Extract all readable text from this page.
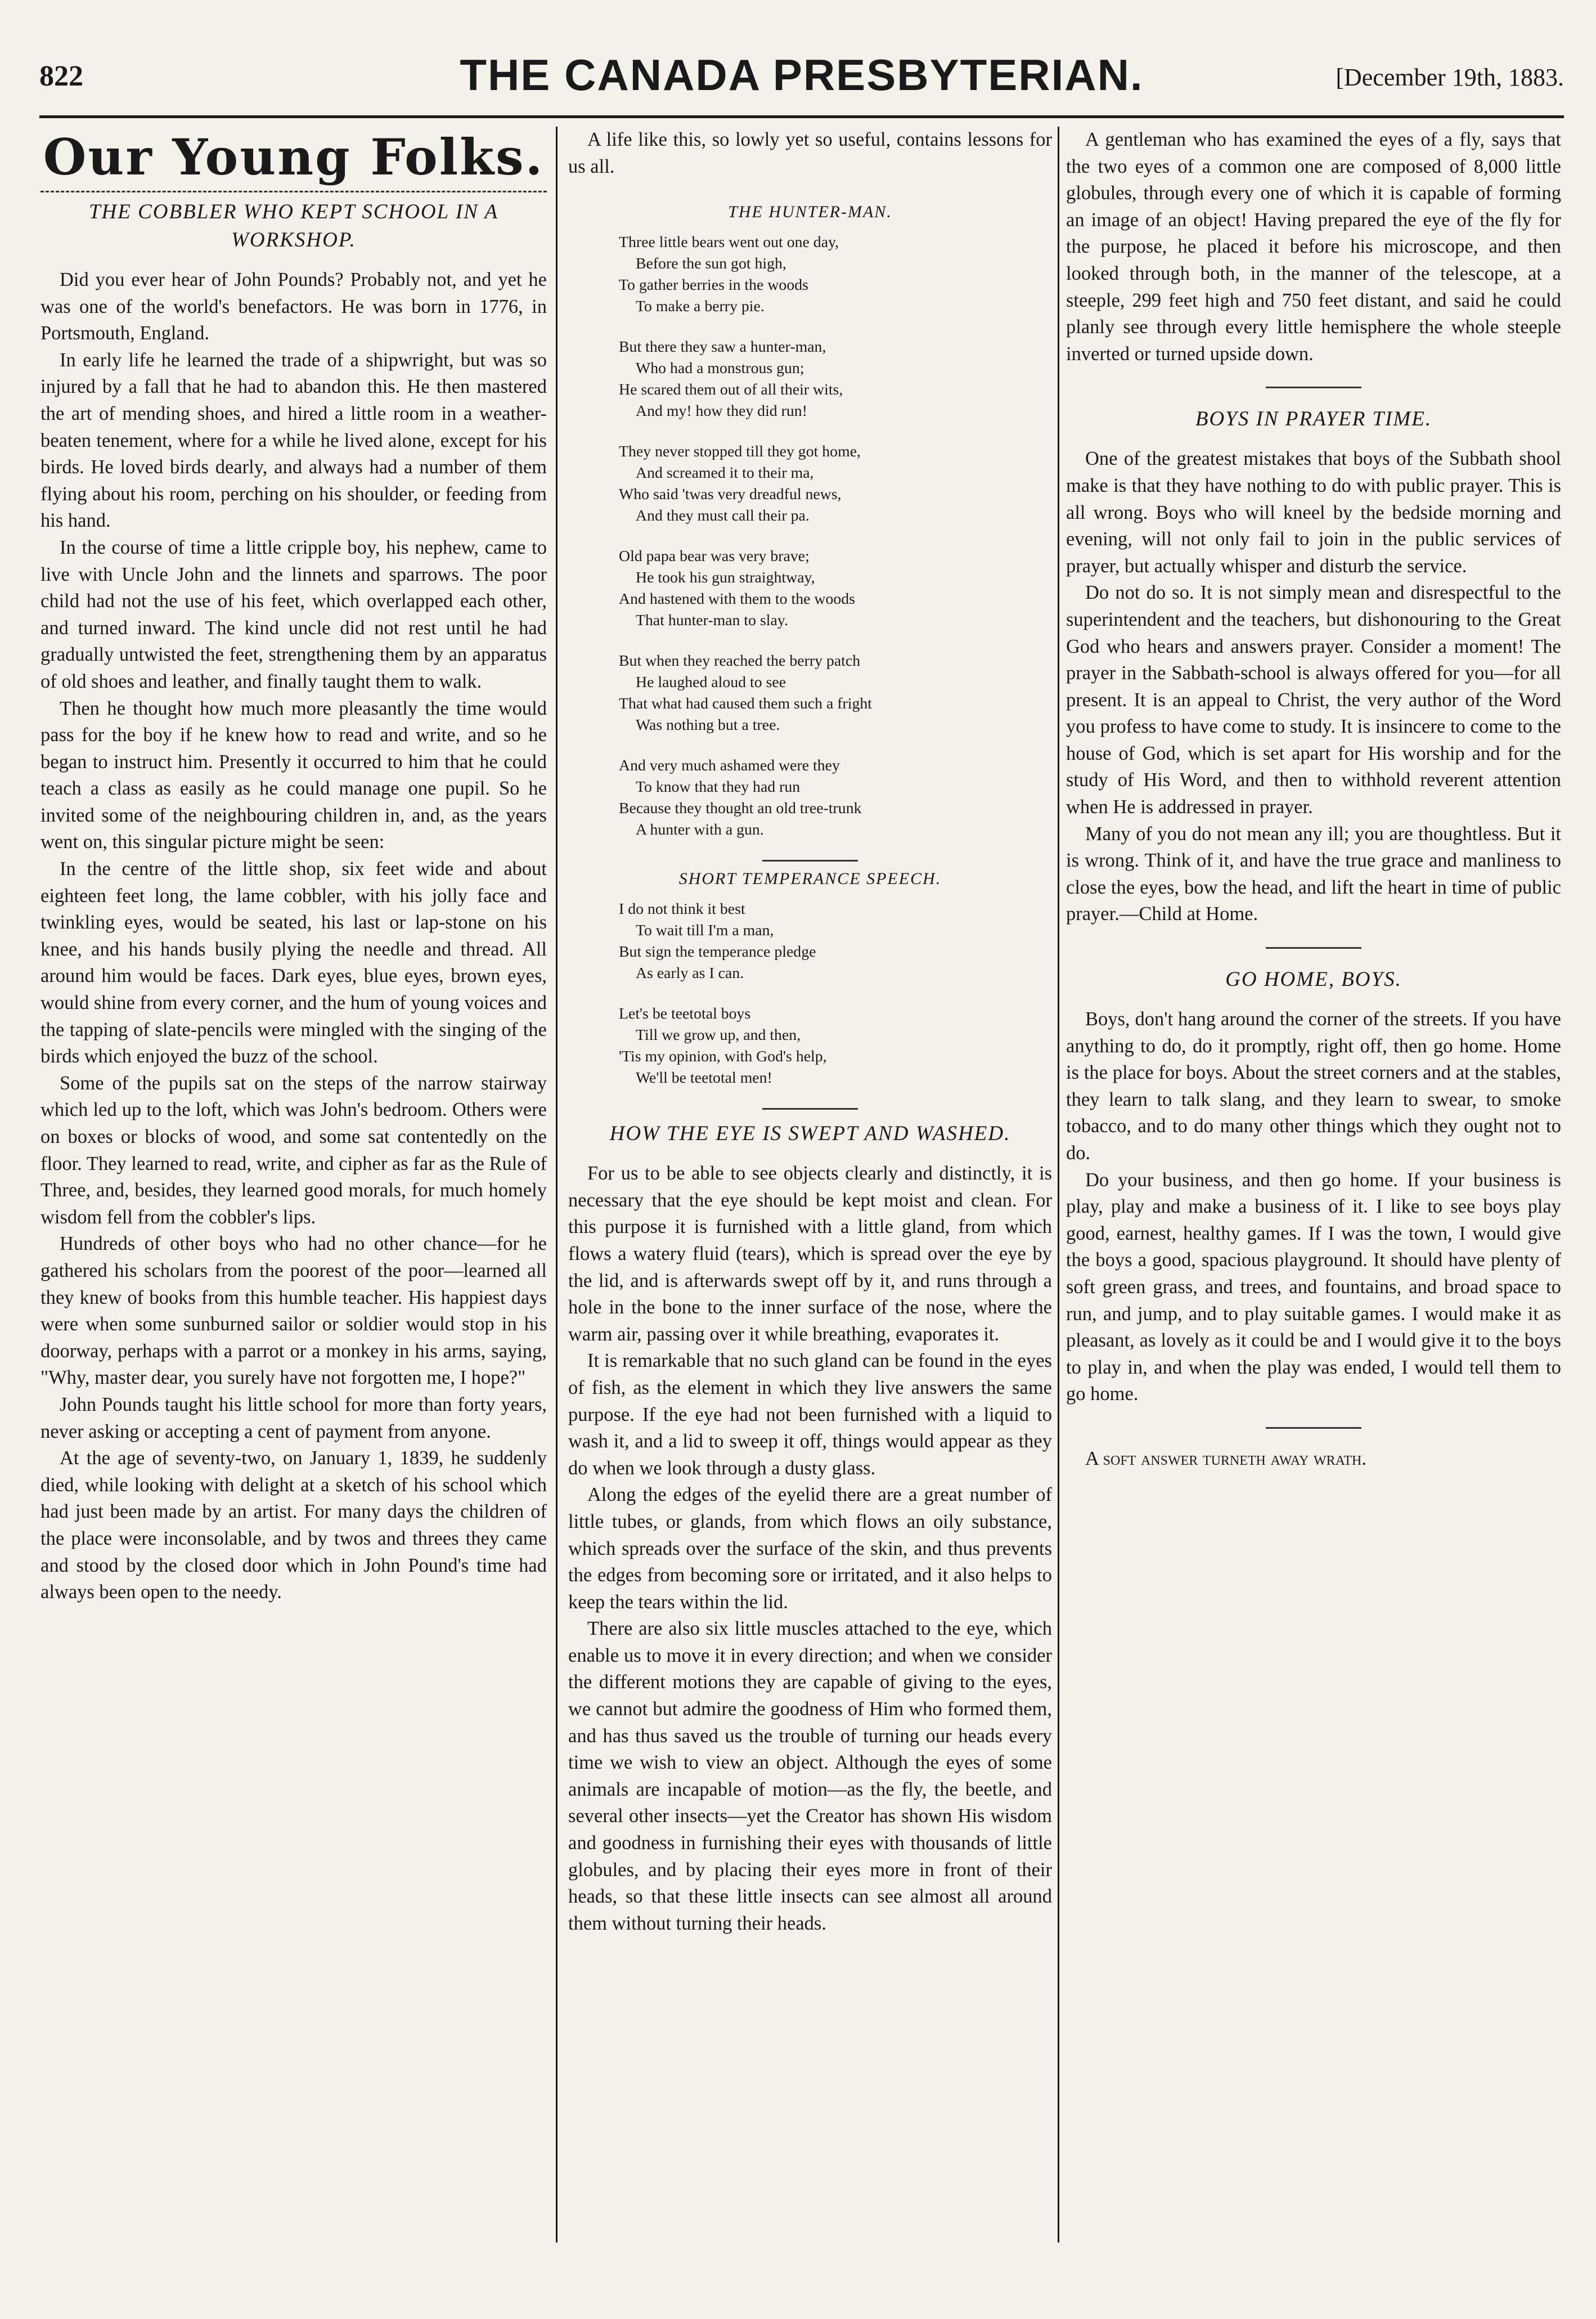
822	THE CANADA PRESBYTERIAN.	[December 19th, 1883.
Our Young Folks.
THE COBBLER WHO KEPT SCHOOL IN A WORKSHOP.

Did you ever hear of John Pounds? Probably not, and yet he was one of the world's benefactors. He was born in 1776, in Portsmouth, England.

In early life he learned the trade of a shipwright, but was so injured by a fall that he had to abandon this. He then mastered the art of mending shoes, and hired a little room in a weather-beaten tenement, where for a while he lived alone, except for his birds. He loved birds dearly, and always had a number of them flying about his room, perching on his shoulder, or feeding from his hand.

In the course of time a little cripple boy, his nephew, came to live with Uncle John and the linnets and sparrows. The poor child had not the use of his feet, which overlapped each other, and turned inward. The kind uncle did not rest until he had gradually untwisted the feet, strengthening them by an apparatus of old shoes and leather, and finally taught them to walk.

Then he thought how much more pleasantly the time would pass for the boy if he knew how to read and write, and so he began to instruct him. Presently it occurred to him that he could teach a class as easily as he could manage one pupil. So he invited some of the neighbouring children in, and, as the years went on, this singular picture might be seen:

In the centre of the little shop, six feet wide and about eighteen feet long, the lame cobbler, with his jolly face and twinkling eyes, would be seated, his last or lap-stone on his knee, and his hands busily plying the needle and thread. All around him would be faces. Dark eyes, blue eyes, brown eyes, would shine from every corner, and the hum of young voices and the tapping of slate-pencils were mingled with the singing of the birds which enjoyed the buzz of the school.

Some of the pupils sat on the steps of the narrow stairway which led up to the loft, which was John's bedroom. Others were on boxes or blocks of wood, and some sat contentedly on the floor. They learned to read, write, and cipher as far as the Rule of Three, and, besides, they learned good morals, for much homely wisdom fell from the cobbler's lips.

Hundreds of other boys who had no other chance—for he gathered his scholars from the poorest of the poor—learned all they knew of books from this humble teacher. His happiest days were when some sunburned sailor or soldier would stop in his doorway, perhaps with a parrot or a monkey in his arms, saying, "Why, master dear, you surely have not forgotten me, I hope?"

John Pounds taught his little school for more than forty years, never asking or accepting a cent of payment from anyone.

At the age of seventy-two, on January 1, 1839, he suddenly died, while looking with delight at a sketch of his school which had just been made by an artist. For many days the children of the place were inconsolable, and by twos and threes they came and stood by the closed door which in John Pound's time had always been open to the needy.

A life like this, so lowly yet so useful, contains lessons for us all.

THE HUNTER-MAN.
Three little bears went out one day,
Before the sun got high,
To gather berries in the woods
To make a berry pie.
But there they saw a hunter-man,
Who had a monstrous gun;
He scared them out of all their wits,
And my! how they did run!
They never stopped till they got home,
And screamed it to their ma,
Who said 'twas very dreadful news,
And they must call their pa.
Old papa bear was very brave;
He took his gun straightway,
And hastened with them to the woods
That hunter-man to slay.
But when they reached the berry patch
He laughed aloud to see
That what had caused them such a fright
Was nothing but a tree.
And very much ashamed were they
To know that they had run
Because they thought an old tree-trunk
A hunter with a gun.
SHORT TEMPERANCE SPEECH.
I do not think it best
To wait till I'm a man,
But sign the temperance pledge
As early as I can.
Let's be teetotal boys
Till we grow up, and then,
'Tis my opinion, with God's help,
We'll be teetotal men!
HOW THE EYE IS SWEPT AND WASHED.

For us to be able to see objects clearly and distinctly, it is necessary that the eye should be kept moist and clean. For this purpose it is furnished with a little gland, from which flows a watery fluid (tears), which is spread over the eye by the lid, and is afterwards swept off by it, and runs through a hole in the bone to the inner surface of the nose, where the warm air, passing over it while breathing, evaporates it.

It is remarkable that no such gland can be found in the eyes of fish, as the element in which they live answers the same purpose. If the eye had not been furnished with a liquid to wash it, and a lid to sweep it off, things would appear as they do when we look through a dusty glass.

Along the edges of the eyelid there are a great number of little tubes, or glands, from which flows an oily substance, which spreads over the surface of the skin, and thus prevents the edges from becoming sore or irritated, and it also helps to keep the tears within the lid.

There are also six little muscles attached to the eye, which enable us to move it in every direction; and when we consider the different motions they are capable of giving to the eyes, we cannot but admire the goodness of Him who formed them, and has thus saved us the trouble of turning our heads every time we wish to view an object. Although the eyes of some animals are incapable of motion—as the fly, the beetle, and several other insects—yet the Creator has shown His wisdom and goodness in furnishing their eyes with thousands of little globules, and by placing their eyes more in front of their heads, so that these little insects can see almost all around them without turning their heads.

A gentleman who has examined the eyes of a fly, says that the two eyes of a common one are composed of 8,000 little globules, through every one of which it is capable of forming an image of an object! Having prepared the eye of the fly for the purpose, he placed it before his microscope, and then looked through both, in the manner of the telescope, at a steeple, 299 feet high and 750 feet distant, and said he could planly see through every little hemisphere the whole steeple inverted or turned upside down.

BOYS IN PRAYER TIME.

One of the greatest mistakes that boys of the Subbath shool make is that they have nothing to do with public prayer. This is all wrong. Boys who will kneel by the bedside morning and evening, will not only fail to join in the public services of prayer, but actually whisper and disturb the service.

Do not do so. It is not simply mean and disrespectful to the superintendent and the teachers, but dishonouring to the Great God who hears and answers prayer. Consider a moment! The prayer in the Sabbath-school is always offered for you—for all present. It is an appeal to Christ, the very author of the Word you profess to have come to study. It is insincere to come to the house of God, which is set apart for His worship and for the study of His Word, and then to withhold reverent attention when He is addressed in prayer.

Many of you do not mean any ill; you are thoughtless. But it is wrong. Think of it, and have the true grace and manliness to close the eyes, bow the head, and lift the heart in time of public prayer.—Child at Home.

GO HOME, BOYS.

Boys, don't hang around the corner of the streets. If you have anything to do, do it promptly, right off, then go home. Home is the place for boys. About the street corners and at the stables, they learn to talk slang, and they learn to swear, to smoke tobacco, and to do many other things which they ought not to do.

Do your business, and then go home. If your business is play, play and make a business of it. I like to see boys play good, earnest, healthy games. If I was the town, I would give the boys a good, spacious playground. It should have plenty of soft green grass, and trees, and fountains, and broad space to run, and jump, and to play suitable games. I would make it as pleasant, as lovely as it could be and I would give it to the boys to play in, and when the play was ended, I would tell them to go home.

A soft answer turneth away wrath.
